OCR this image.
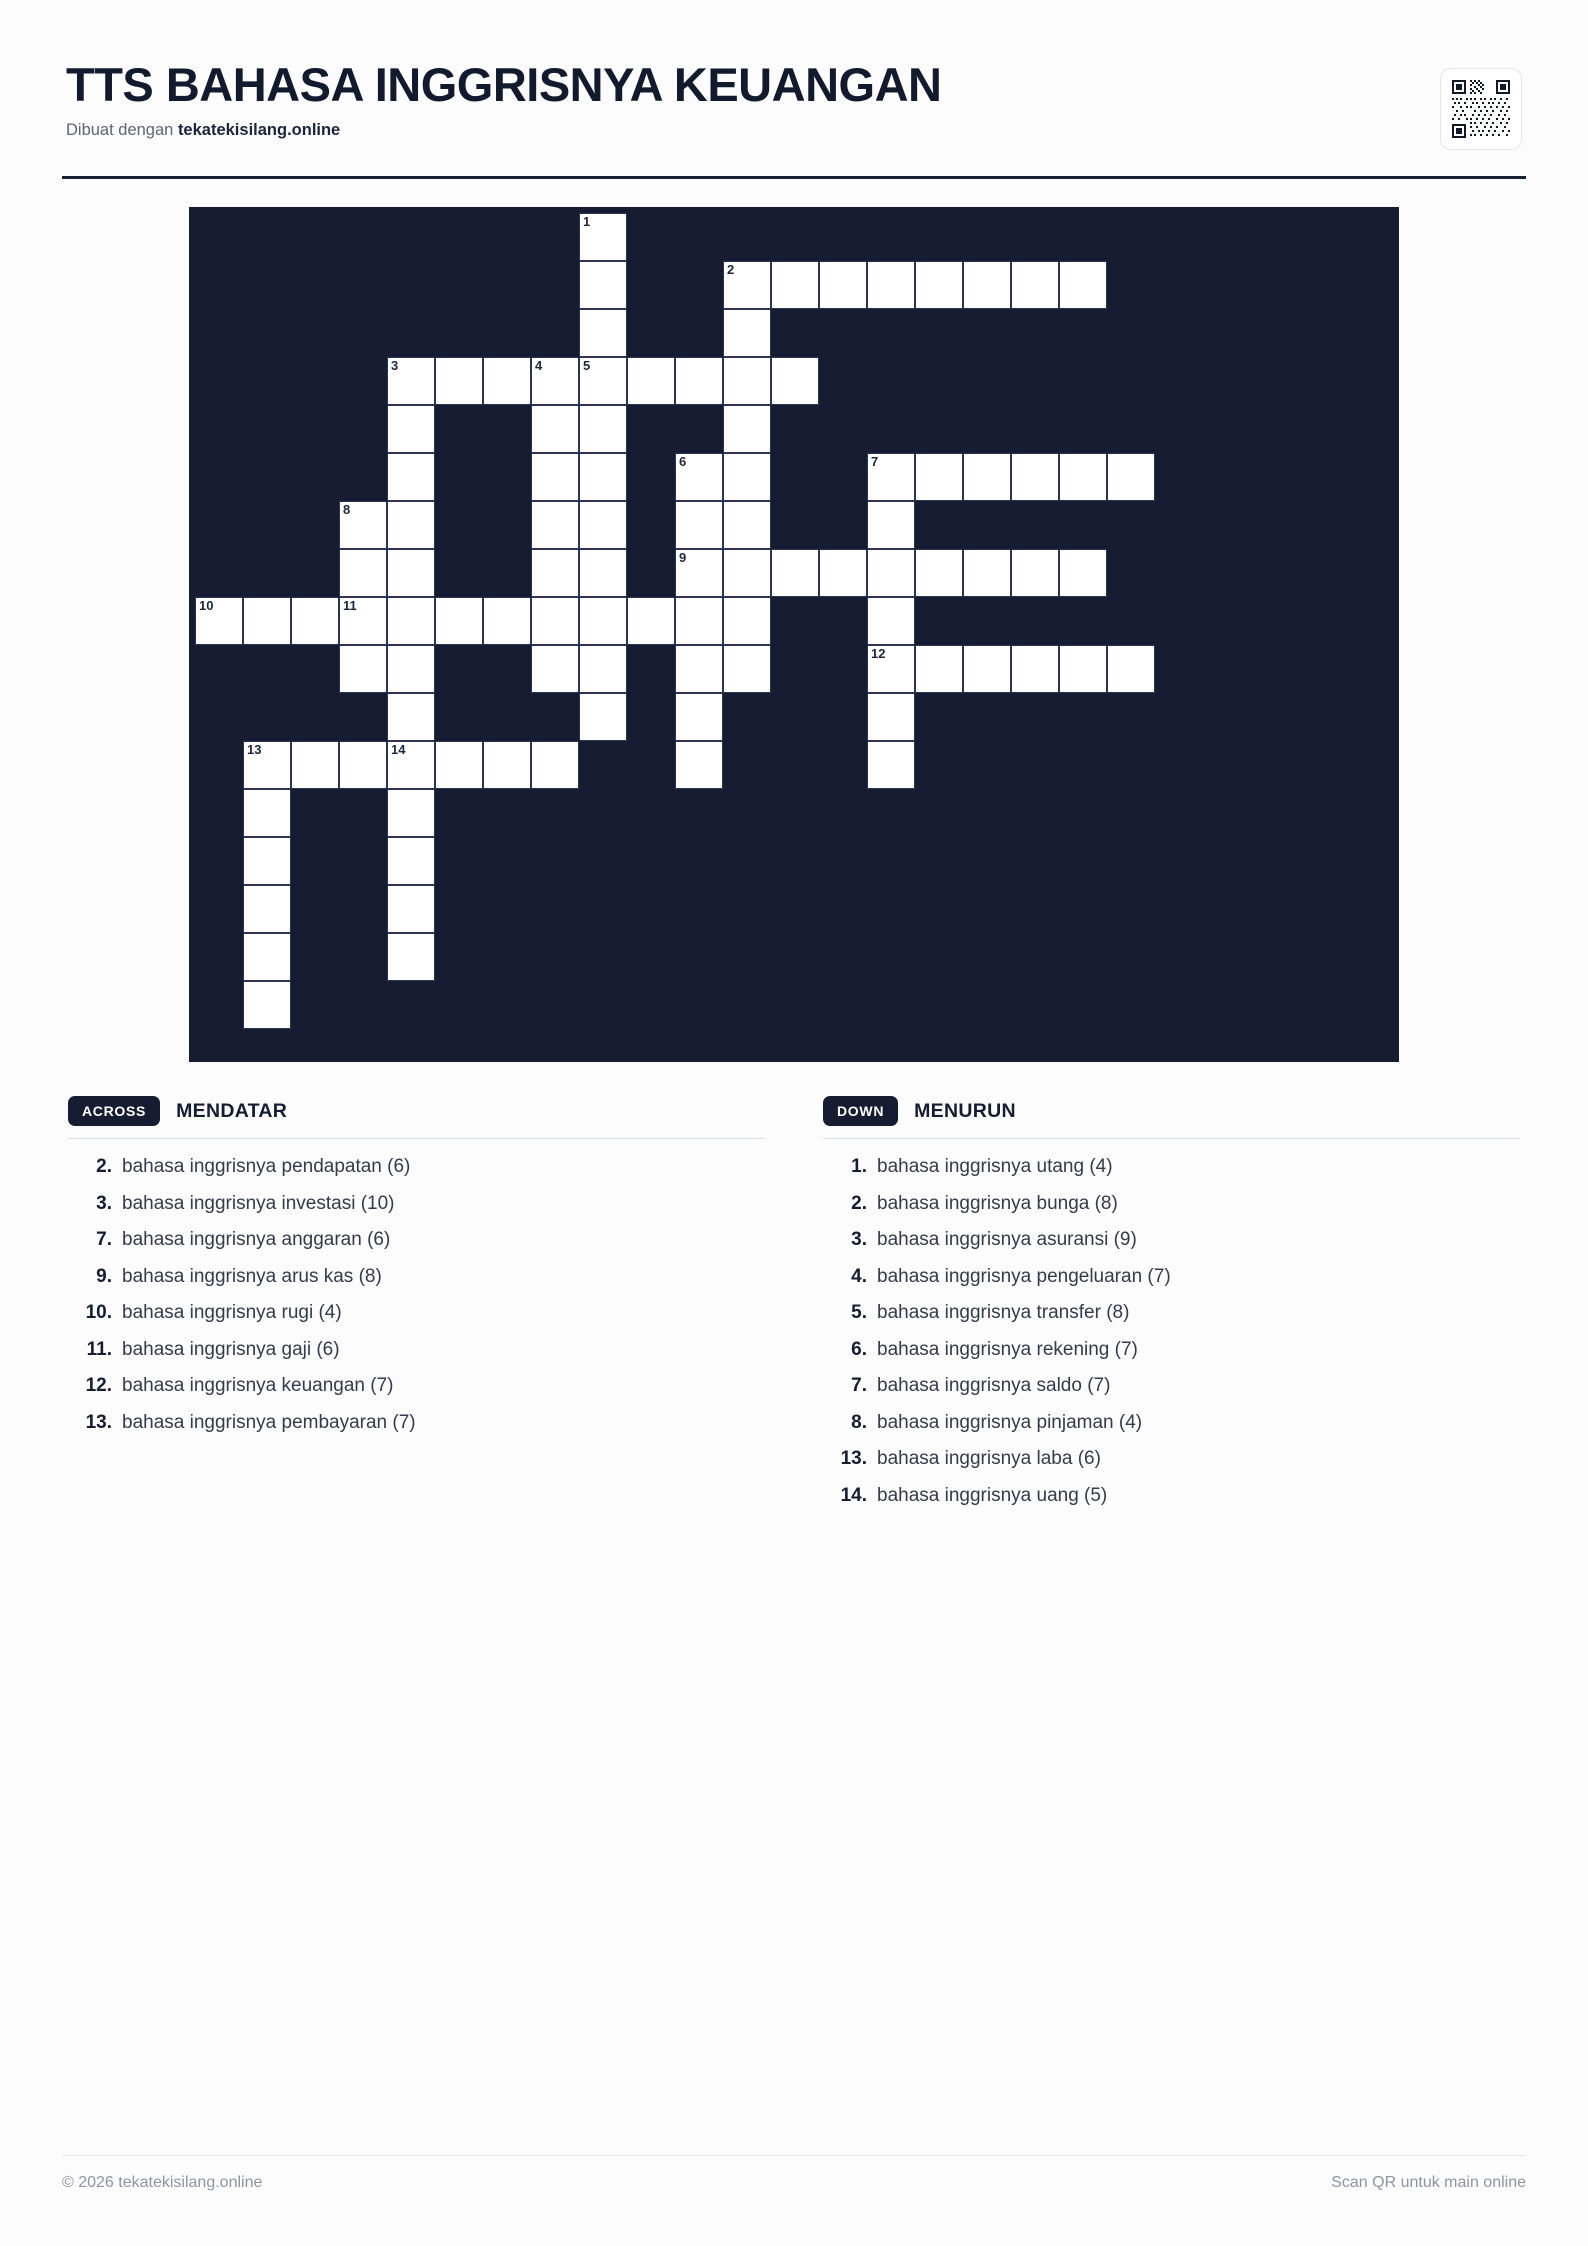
TTS BAHASA INGGRISNYA KEUANGAN
Dibuat dengan tekatekisilang.online
1
2
3	4	5
6	7
8
9
10	11
12
13	14
ACROSS	MENDATAR
2. bahasa inggrisnya pendapatan (6)
3. bahasa inggrisnya investasi (10)
7. bahasa inggrisnya anggaran (6)
9. bahasa inggrisnya arus kas (8)
10. bahasa inggrisnya rugi (4)
11. bahasa inggrisnya gaji (6)
12. bahasa inggrisnya keuangan (7)
13. bahasa inggrisnya pembayaran (7)
DOWN	MENURUN
1. bahasa inggrisnya utang (4)
2. bahasa inggrisnya bunga (8)
3. bahasa inggrisnya asuransi (9)
4. bahasa inggrisnya pengeluaran (7)
5. bahasa inggrisnya transfer (8)
6. bahasa inggrisnya rekening (7)
7. bahasa inggrisnya saldo (7)
8. bahasa inggrisnya pinjaman (4)
13. bahasa inggrisnya laba (6)
14. bahasa inggrisnya uang (5)
© 2026 tekatekisilang.online	Scan QR untuk main online
